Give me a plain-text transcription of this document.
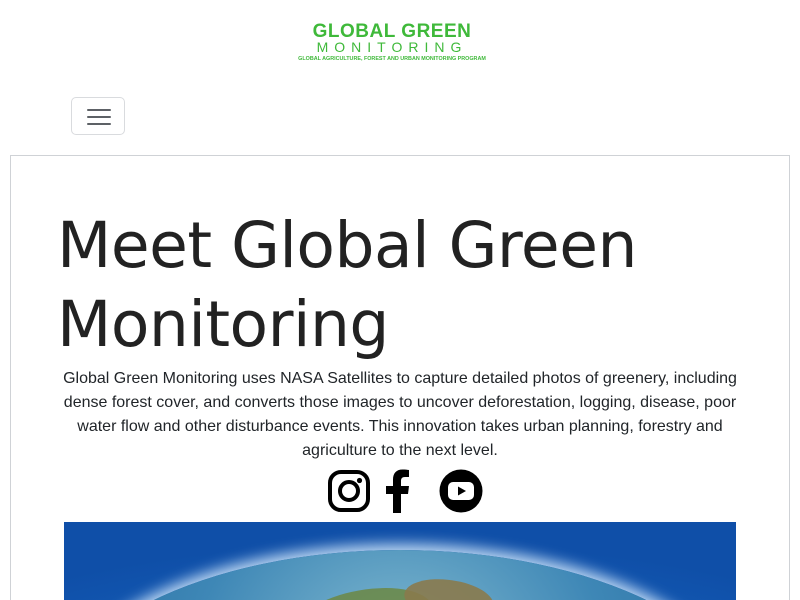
GLOBAL GREEN
MONITORING
GLOBAL AGRICULTURE, FOREST AND URBAN MONITORING PROGRAM
Meet Global Green Monitoring

Global Green Monitoring uses NASA Satellites to capture detailed photos of greenery, including dense forest cover, and converts those images to uncover deforestation, logging, disease, poor water flow and other disturbance events. This innovation takes urban planning, forestry and agriculture to the next level.
